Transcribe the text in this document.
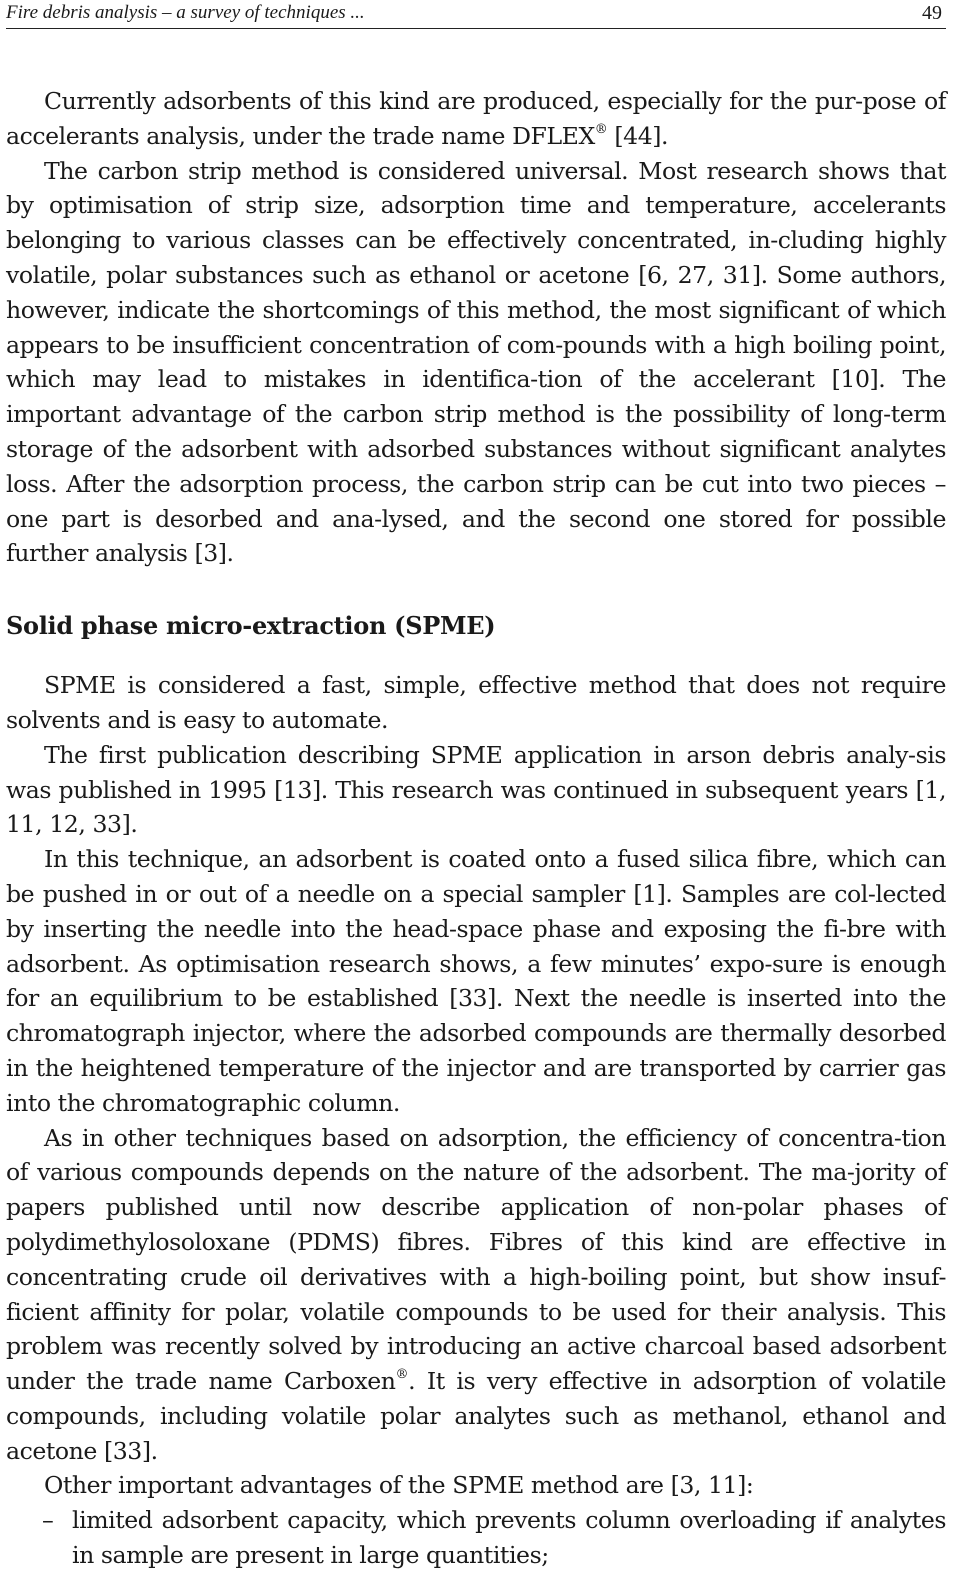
Fire debris analysis – a survey of techniques ...	49

Currently adsorbents of this kind are produced, especially for the pur-pose of accelerants analysis, under the trade name DFLEX® [44].

The carbon strip method is considered universal. Most research shows that by optimisation of strip size, adsorption time and temperature, accelerants belonging to various classes can be effectively concentrated, in-cluding highly volatile, polar substances such as ethanol or acetone [6, 27, 31]. Some authors, however, indicate the shortcomings of this method, the most significant of which appears to be insufficient concentration of com-pounds with a high boiling point, which may lead to mistakes in identifica-tion of the accelerant [10]. The important advantage of the carbon strip method is the possibility of long-term storage of the adsorbent with adsorbed substances without significant analytes loss. After the adsorption process, the carbon strip can be cut into two pieces – one part is desorbed and ana-lysed, and the second one stored for possible further analysis [3].

Solid phase micro-extraction (SPME)

SPME is considered a fast, simple, effective method that does not require solvents and is easy to automate.

The first publication describing SPME application in arson debris analy-sis was published in 1995 [13]. This research was continued in subsequent years [1, 11, 12, 33].

In this technique, an adsorbent is coated onto a fused silica fibre, which can be pushed in or out of a needle on a special sampler [1]. Samples are col-lected by inserting the needle into the head-space phase and exposing the fi-bre with adsorbent. As optimisation research shows, a few minutes’ expo-sure is enough for an equilibrium to be established [33]. Next the needle is inserted into the chromatograph injector, where the adsorbed compounds are thermally desorbed in the heightened temperature of the injector and are transported by carrier gas into the chromatographic column.

As in other techniques based on adsorption, the efficiency of concentra-tion of various compounds depends on the nature of the adsorbent. The ma-jority of papers published until now describe application of non-polar phases of polydimethylosoloxane (PDMS) fibres. Fibres of this kind are effective in concentrating crude oil derivatives with a high-boiling point, but show insuf-ficient affinity for polar, volatile compounds to be used for their analysis. This problem was recently solved by introducing an active charcoal based adsorbent under the trade name Carboxen®. It is very effective in adsorption of volatile compounds, including volatile polar analytes such as methanol, ethanol and acetone [33].

Other important advantages of the SPME method are [3, 11]:

– limited adsorbent capacity, which prevents column overloading if analytes in sample are present in large quantities;
